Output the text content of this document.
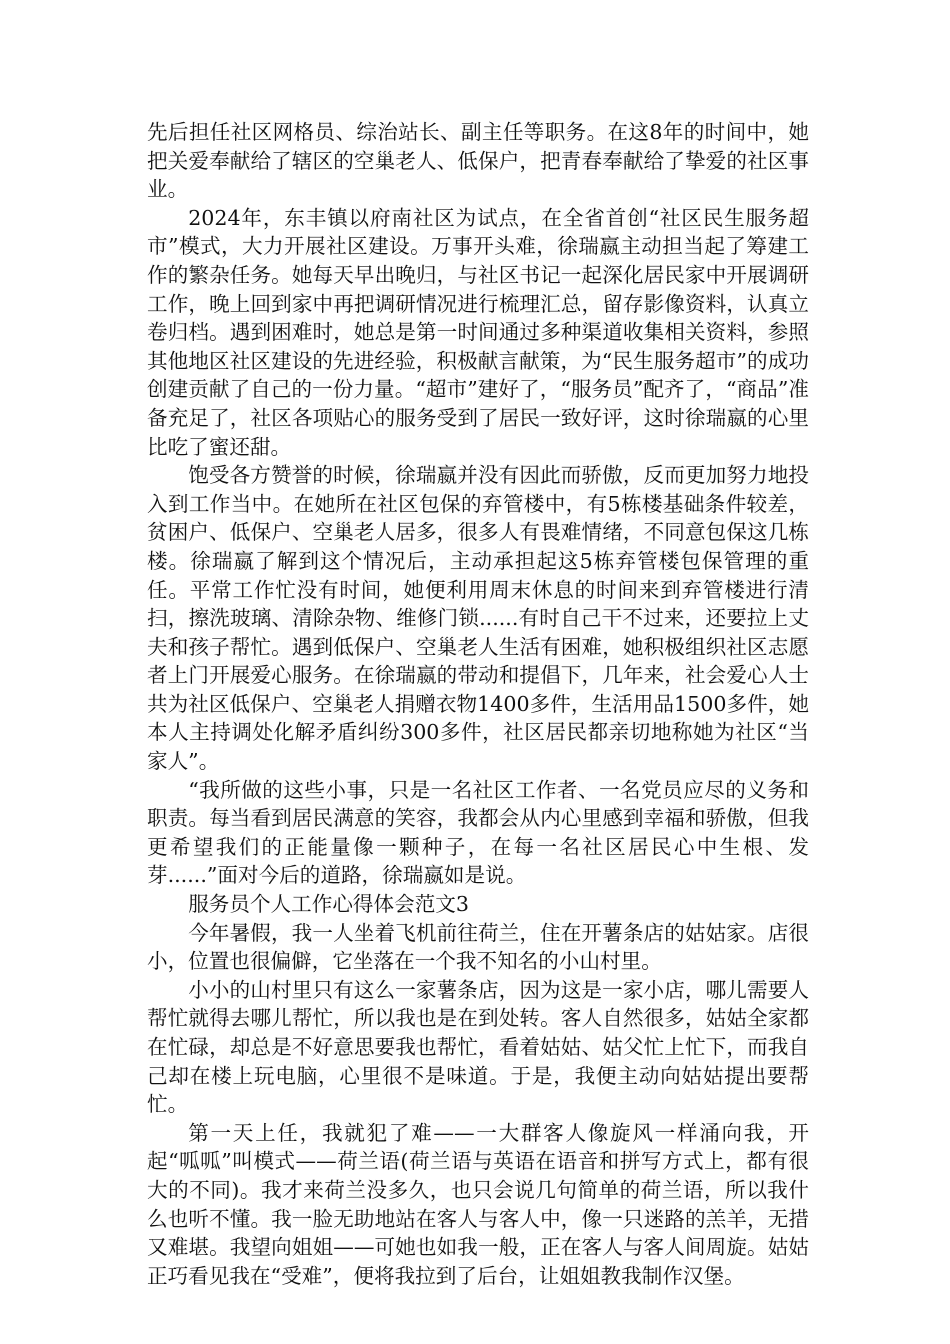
先后担任社区网格员、综治站长、副主任等职务。在这8年的时间中，她把关爱奉献给了辖区的空巢老人、低保户，把青春奉献给了挚爱的社区事业。

2024年，东丰镇以府南社区为试点，在全省首创“社区民生服务超市”模式，大力开展社区建设。万事开头难，徐瑞嬴主动担当起了筹建工作的繁杂任务。她每天早出晚归，与社区书记一起深化居民家中开展调研工作，晚上回到家中再把调研情况进行梳理汇总，留存影像资料，认真立卷归档。遇到困难时，她总是第一时间通过多种渠道收集相关资料，参照其他地区社区建设的先进经验，积极献言献策，为“民生服务超市”的成功创建贡献了自己的一份力量。“超市”建好了，“服务员”配齐了，“商品”准备充足了，社区各项贴心的服务受到了居民一致好评，这时徐瑞嬴的心里比吃了蜜还甜。

饱受各方赞誉的时候，徐瑞嬴并没有因此而骄傲，反而更加努力地投入到工作当中。在她所在社区包保的弃管楼中，有5栋楼基础条件较差，贫困户、低保户、空巢老人居多，很多人有畏难情绪，不同意包保这几栋楼。徐瑞嬴了解到这个情况后，主动承担起这5栋弃管楼包保管理的重任。平常工作忙没有时间，她便利用周末休息的时间来到弃管楼进行清扫，擦洗玻璃、清除杂物、维修门锁......有时自己干不过来，还要拉上丈夫和孩子帮忙。遇到低保户、空巢老人生活有困难，她积极组织社区志愿者上门开展爱心服务。在徐瑞嬴的带动和提倡下，几年来，社会爱心人士共为社区低保户、空巢老人捐赠衣物1400多件，生活用品1500多件，她本人主持调处化解矛盾纠纷300多件，社区居民都亲切地称她为社区“当家人”。

“我所做的这些小事，只是一名社区工作者、一名党员应尽的义务和职责。每当看到居民满意的笑容，我都会从内心里感到幸福和骄傲，但我更希望我们的正能量像一颗种子，在每一名社区居民心中生根、发芽......”面对今后的道路，徐瑞嬴如是说。

服务员个人工作心得体会范文3

今年暑假，我一人坐着飞机前往荷兰，住在开薯条店的姑姑家。店很小，位置也很偏僻，它坐落在一个我不知名的小山村里。

小小的山村里只有这么一家薯条店，因为这是一家小店，哪儿需要人帮忙就得去哪儿帮忙，所以我也是在到处转。客人自然很多，姑姑全家都在忙碌，却总是不好意思要我也帮忙，看着姑姑、姑父忙上忙下，而我自己却在楼上玩电脑，心里很不是味道。于是，我便主动向姑姑提出要帮忙。

第一天上任，我就犯了难——一大群客人像旋风一样涌向我，开起“呱呱”叫模式——荷兰语(荷兰语与英语在语音和拼写方式上，都有很大的不同)。我才来荷兰没多久，也只会说几句简单的荷兰语，所以我什么也听不懂。我一脸无助地站在客人与客人中，像一只迷路的羔羊，无措又难堪。我望向姐姐——可她也如我一般，正在客人与客人间周旋。姑姑正巧看见我在“受难”，便将我拉到了后台，让姐姐教我制作汉堡。
